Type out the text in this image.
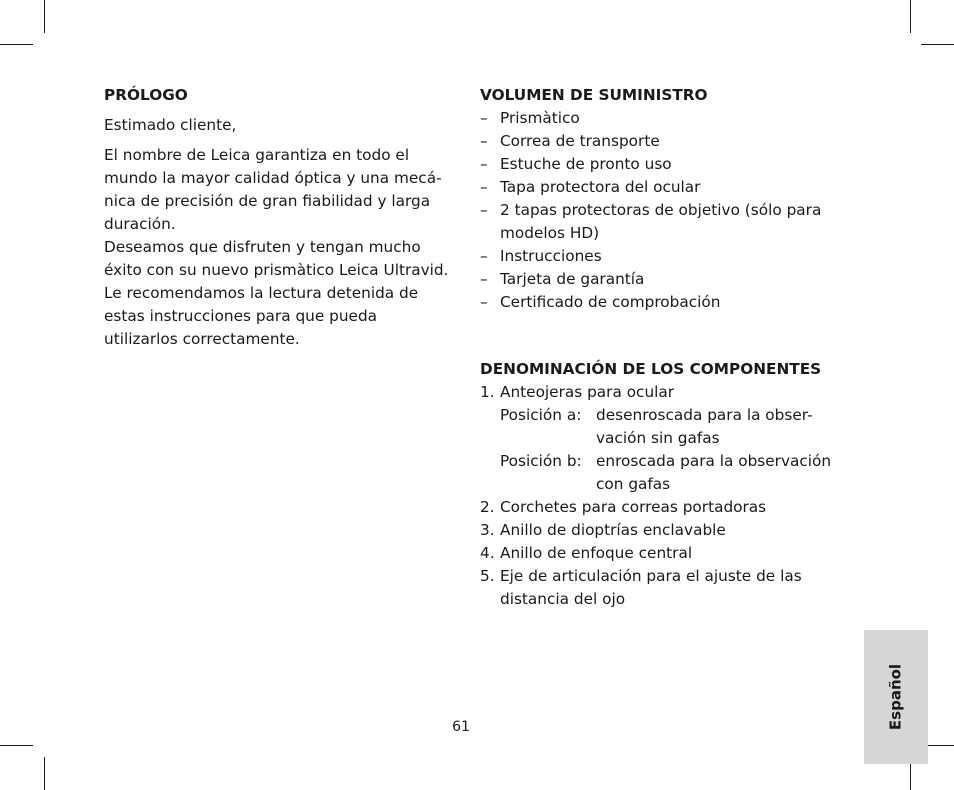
PRÓLOGO

Estimado cliente,

El nombre de Leica garantiza en todo el mundo la mayor calidad óptica y una mecá-nica de precisión de gran fiabilidad y larga duración.

Deseamos que disfruten y tengan mucho éxito con su nuevo prismàtico Leica Ultravid.

Le recomendamos la lectura detenida de estas instrucciones para que pueda utilizarlos correctamente.

VOLUMEN DE SUMINISTRO
– Prismàtico
– Correa de transporte
– Estuche de pronto uso
– Tapa protectora del ocular
– 2 tapas protectoras de objetivo (sólo para modelos HD)
– Instrucciones
– Tarjeta de garantía
– Certificado de comprobación
DENOMINACIÓN DE LOS COMPONENTES
1. Anteojeras para ocular
Posición a: desenroscada para la obser-vación sin gafas
Posición b: enroscada para la observación con gafas
2. Corchetes para correas portadoras
3. Anillo de dioptrías enclavable
4. Anillo de enfoque central
5. Eje de articulación para el ajuste de las distancia del ojo
61	Español
